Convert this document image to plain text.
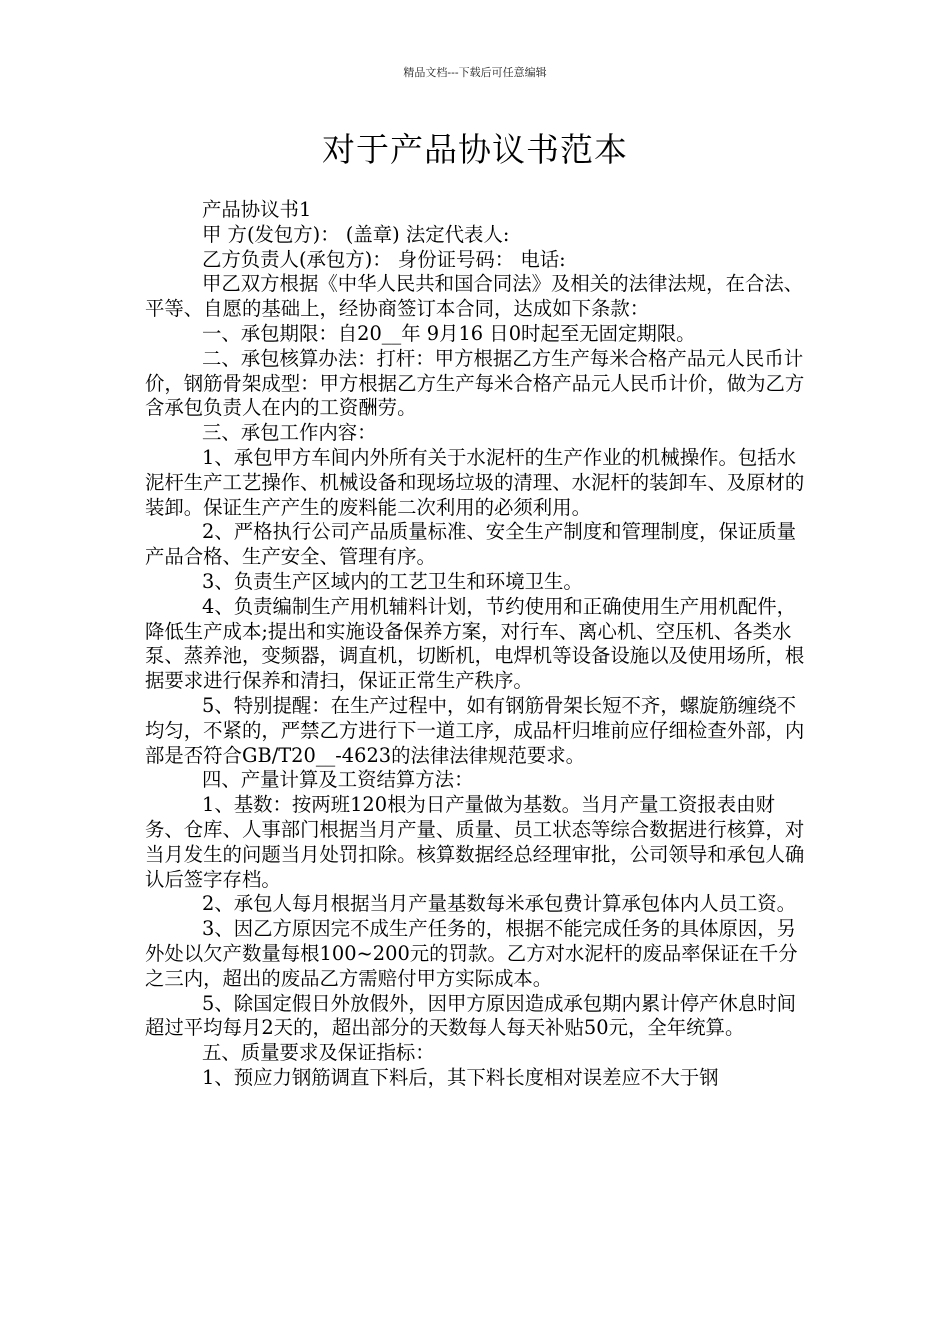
精品文档---下载后可任意编辑
对于产品协议书范本

产品协议书1

甲 方(发包方)： (盖章) 法定代表人:

乙方负责人(承包方)： 身份证号码： 电话:

甲乙双方根据《中华人民共和国合同法》及相关的法律法规，在合法、平等、自愿的基础上，经协商签订本合同，达成如下条款：

一、承包期限：自20__年 9月16 日0时起至无固定期限。

二、承包核算办法：打杆：甲方根据乙方生产每米合格产品元人民币计价，钢筋骨架成型：甲方根据乙方生产每米合格产品元人民币计价，做为乙方含承包负责人在内的工资酬劳。

三、承包工作内容：

1、承包甲方车间内外所有关于水泥杆的生产作业的机械操作。包括水泥杆生产工艺操作、机械设备和现场垃圾的清理、水泥杆的装卸车、及原材的装卸。保证生产产生的废料能二次利用的必须利用。

2、严格执行公司产品质量标准、安全生产制度和管理制度，保证质量产品合格、生产安全、管理有序。

3、负责生产区域内的工艺卫生和环境卫生。

4、负责编制生产用机辅料计划，节约使用和正确使用生产用机配件，降低生产成本;提出和实施设备保养方案，对行车、离心机、空压机、各类水泵、蒸养池，变频器，调直机，切断机，电焊机等设备设施以及使用场所，根据要求进行保养和清扫，保证正常生产秩序。

5、特别提醒：在生产过程中，如有钢筋骨架长短不齐，螺旋筋缠绕不均匀，不紧的，严禁乙方进行下一道工序，成品杆归堆前应仔细检查外部，内部是否符合GB/T20__-4623的法律法律规范要求。

四、产量计算及工资结算方法：

1、基数：按两班120根为日产量做为基数。当月产量工资报表由财务、仓库、人事部门根据当月产量、质量、员工状态等综合数据进行核算，对当月发生的问题当月处罚扣除。核算数据经总经理审批，公司领导和承包人确认后签字存档。

2、承包人每月根据当月产量基数每米承包费计算承包体内人员工资。

3、因乙方原因完不成生产任务的，根据不能完成任务的具体原因，另外处以欠产数量每根100~200元的罚款。乙方对水泥杆的废品率保证在千分之三内，超出的废品乙方需赔付甲方实际成本。

5、除国定假日外放假外，因甲方原因造成承包期内累计停产休息时间超过平均每月2天的，超出部分的天数每人每天补贴50元，全年统算。

五、质量要求及保证指标：

1、预应力钢筋调直下料后，其下料长度相对误差应不大于钢
